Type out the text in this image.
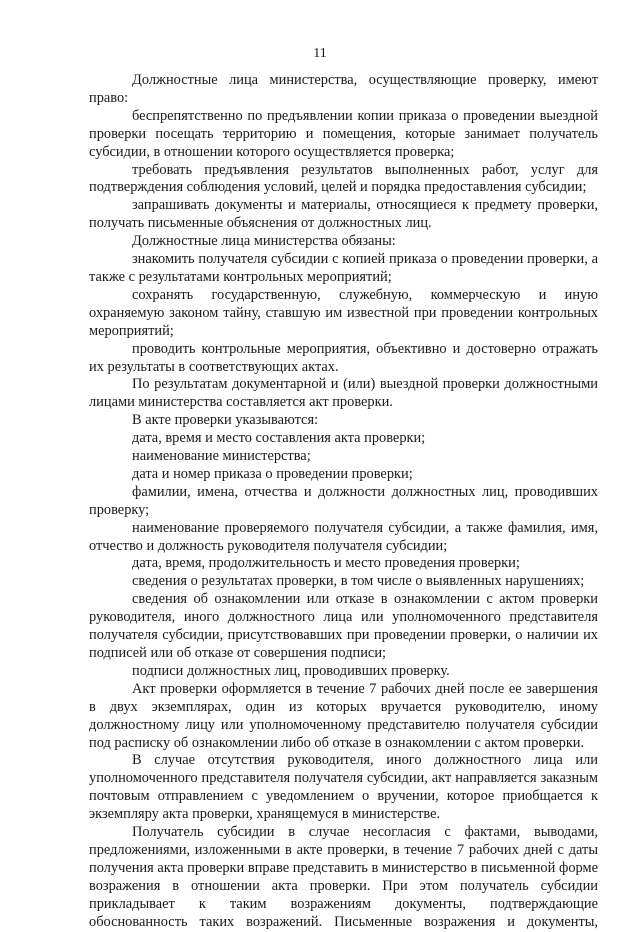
11

Должностные лица министерства, осуществляющие проверку, имеют право:

беспрепятственно по предъявлении копии приказа о проведении выездной проверки посещать территорию и помещения, которые занимает получатель субсидии, в отношении которого осуществляется проверка;

требовать предъявления результатов выполненных работ, услуг для подтверждения соблюдения условий, целей и порядка предоставления субсидии;

запрашивать документы и материалы, относящиеся к предмету проверки, получать письменные объяснения от должностных лиц.

Должностные лица министерства обязаны:

знакомить получателя субсидии с копией приказа о проведении проверки, а также с результатами контрольных мероприятий;

сохранять государственную, служебную, коммерческую и иную охраняемую законом тайну, ставшую им известной при проведении контрольных мероприятий;

проводить контрольные мероприятия, объективно и достоверно отражать их результаты в соответствующих актах.

По результатам документарной и (или) выездной проверки должностными лицами министерства составляется акт проверки.

В акте проверки указываются:

дата, время и место составления акта проверки;

наименование министерства;

дата и номер приказа о проведении проверки;

фамилии, имена, отчества и должности должностных лиц, проводивших проверку;

наименование проверяемого получателя субсидии, а также фамилия, имя, отчество и должность руководителя получателя субсидии;

дата, время, продолжительность и место проведения проверки;

сведения о результатах проверки, в том числе о выявленных нарушениях;

сведения об ознакомлении или отказе в ознакомлении с актом проверки руководителя, иного должностного лица или уполномоченного представителя получателя субсидии, присутствовавших при проведении проверки, о наличии их подписей или об отказе от совершения подписи;

подписи должностных лиц, проводивших проверку.

Акт проверки оформляется в течение 7 рабочих дней после ее завершения в двух экземплярах, один из которых вручается руководителю, иному должностному лицу или уполномоченному представителю получателя субсидии под расписку об ознакомлении либо об отказе в ознакомлении с актом проверки.

В случае отсутствия руководителя, иного должностного лица или уполномоченного представителя получателя субсидии, акт направляется заказным почтовым отправлением с уведомлением о вручении, которое приобщается к экземпляру акта проверки, хранящемуся в министерстве.

Получатель субсидии в случае несогласия с фактами, выводами, предложениями, изложенными в акте проверки, в течение 7 рабочих дней с даты получения акта проверки вправе представить в министерство в письменной форме возражения в отношении акта проверки. При этом получатель субсидии прикладывает к таким возражениям документы, подтверждающие обоснованность таких возражений. Письменные возражения и документы,
